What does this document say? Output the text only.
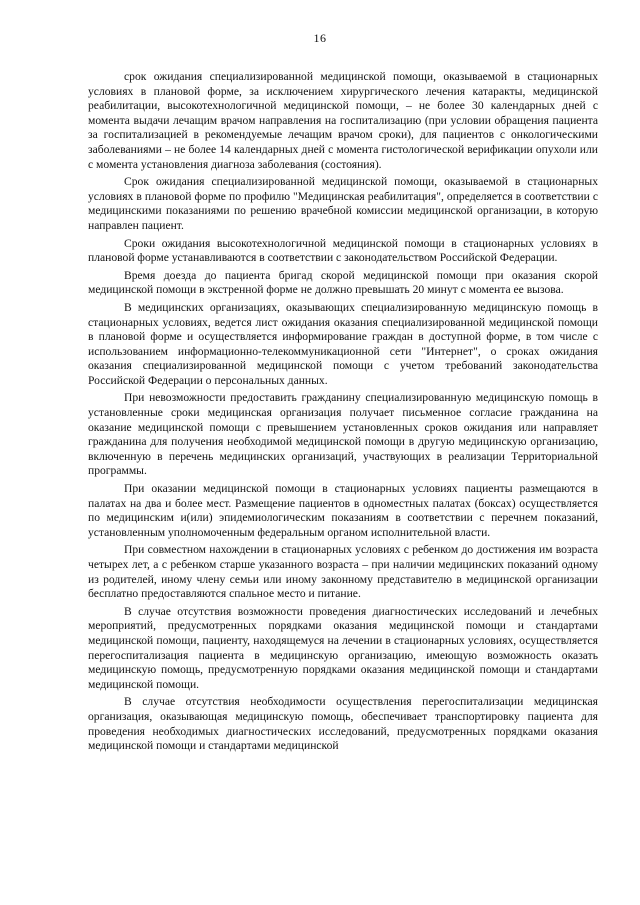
16

срок ожидания специализированной медицинской помощи, оказываемой в стационарных условиях в плановой форме, за исключением хирургического лечения катаракты, медицинской реабилитации, высокотехнологичной медицинской помощи, – не более 30 календарных дней с момента выдачи лечащим врачом направления на госпитализацию (при условии обращения пациента за госпитализацией в рекомендуемые лечащим врачом сроки), для пациентов с онкологическими заболеваниями – не более 14 календарных дней с момента гистологической верификации опухоли или с момента установления диагноза заболевания (состояния).

Срок ожидания специализированной медицинской помощи, оказываемой в стационарных условиях в плановой форме по профилю "Медицинская реабилитация", определяется в соответствии с медицинскими показаниями по решению врачебной комиссии медицинской организации, в которую направлен пациент.

Сроки ожидания высокотехнологичной медицинской помощи в стационарных условиях в плановой форме устанавливаются в соответствии с законодательством Российской Федерации.

Время доезда до пациента бригад скорой медицинской помощи при оказания скорой медицинской помощи в экстренной форме не должно превышать 20 минут с момента ее вызова.

В медицинских организациях, оказывающих специализированную медицинскую помощь в стационарных условиях, ведется лист ожидания оказания специализированной медицинской помощи в плановой форме и осуществляется информирование граждан в доступной форме, в том числе с использованием информационно-телекоммуникационной сети "Интернет", о сроках ожидания оказания специализированной медицинской помощи с учетом требований законодательства Российской Федерации о персональных данных.

При невозможности предоставить гражданину специализированную медицинскую помощь в установленные сроки медицинская организация получает письменное согласие гражданина на оказание медицинской помощи с превышением установленных сроков ожидания или направляет гражданина для получения необходимой медицинской помощи в другую медицинскую организацию, включенную в перечень медицинских организаций, участвующих в реализации Территориальной программы.

При оказании медицинской помощи в стационарных условиях пациенты размещаются в палатах на два и более мест. Размещение пациентов в одноместных палатах (боксах) осуществляется по медицинским и(или) эпидемиологическим показаниям в соответствии с перечнем показаний, установленным уполномоченным федеральным органом исполнительной власти.

При совместном нахождении в стационарных условиях с ребенком до достижения им возраста четырех лет, а с ребенком старше указанного возраста – при наличии медицинских показаний одному из родителей, иному члену семьи или иному законному представителю в медицинской организации бесплатно предоставляются спальное место и питание.

В случае отсутствия возможности проведения диагностических исследований и лечебных мероприятий, предусмотренных порядками оказания медицинской помощи и стандартами медицинской помощи, пациенту, находящемуся на лечении в стационарных условиях, осуществляется перегоспитализация пациента в медицинскую организацию, имеющую возможность оказать медицинскую помощь, предусмотренную порядками оказания медицинской помощи и стандартами медицинской помощи.

В случае отсутствия необходимости осуществления перегоспитализации медицинская организация, оказывающая медицинскую помощь, обеспечивает транспортировку пациента для проведения необходимых диагностических исследований, предусмотренных порядками оказания медицинской помощи и стандартами медицинской
